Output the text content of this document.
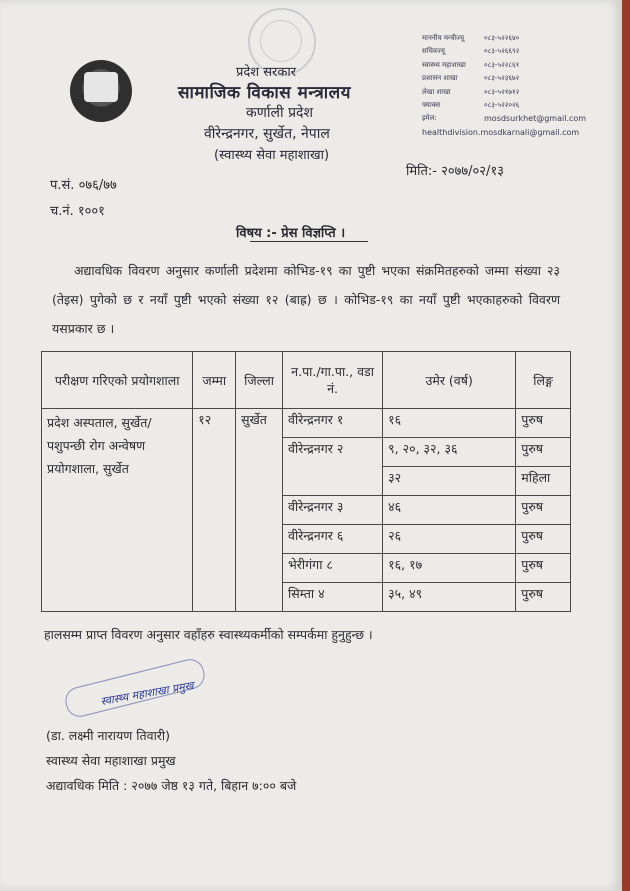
प्रदेश सरकार
सामाजिक विकास मन्त्रालय
कर्णाली प्रदेश
वीरेन्द्रनगर, सुर्खेत, नेपाल
(स्वास्थ्य सेवा महाशाखा)
माननीय मन्त्रीज्यू	०८३-५२२६४०
सचिवज्यू	०८३-५२६६९२
स्वास्थ्य महाशाखा	०८३-५२२८६१
प्रशासन शाखा	०८३-५२३६७२
लेखा शाखा	०८३-५२१७१२
फ्याक्स	०८३-५२२०२६
इमेल:	mosdsurkhet@gmail.com
healthdivision.mosdkarnali@gmail.com
मिति:- २०७७/०२/१३
प.सं. ०७६/७७
च.नं. १००१
विषय :- प्रेस विज्ञप्ति ।
अद्यावधिक विवरण अनुसार कर्णाली प्रदेशमा कोभिड-१९ का पुष्टी भएका संक्रमितहरुको जम्मा संख्या २३ (तेइस) पुगेको छ र नयाँ पुष्टी भएको संख्या १२ (बाह्र) छ । कोभिड-१९ का नयाँ पुष्टी भएकाहरुको विवरण यसप्रकार छ ।
परीक्षण गरिएको प्रयोगशाला	जम्मा	जिल्ला	न.पा./गा.पा., वडा नं.	उमेर (वर्ष)	लिङ्ग
प्रदेश अस्पताल, सुर्खेत/ पशुपन्छी रोग अन्वेषण प्रयोगशाला, सुर्खेत	१२	सुर्खेत	वीरेन्द्रनगर १	१६	पुरुष
			वीरेन्द्रनगर २	९, २०, ३२, ३६	पुरुष
				३२	महिला
			वीरेन्द्रनगर ३	४६	पुरुष
			वीरेन्द्रनगर ६	२६	पुरुष
			भेरीगंगा ८	१६, १७	पुरुष
			सिम्ता ४	३५, ४९	पुरुष
हालसम्म प्राप्त विवरण अनुसार वहाँहरु स्वास्थ्यकर्मीको सम्पर्कमा हुनुहुन्छ ।
स्वास्थ्य महाशाखा प्रमुख
(डा. लक्ष्मी नारायण तिवारी)
स्वास्थ्य सेवा महाशाखा प्रमुख
अद्यावधिक मिति : २०७७ जेष्ठ १३ गते, बिहान ७:०० बजे
